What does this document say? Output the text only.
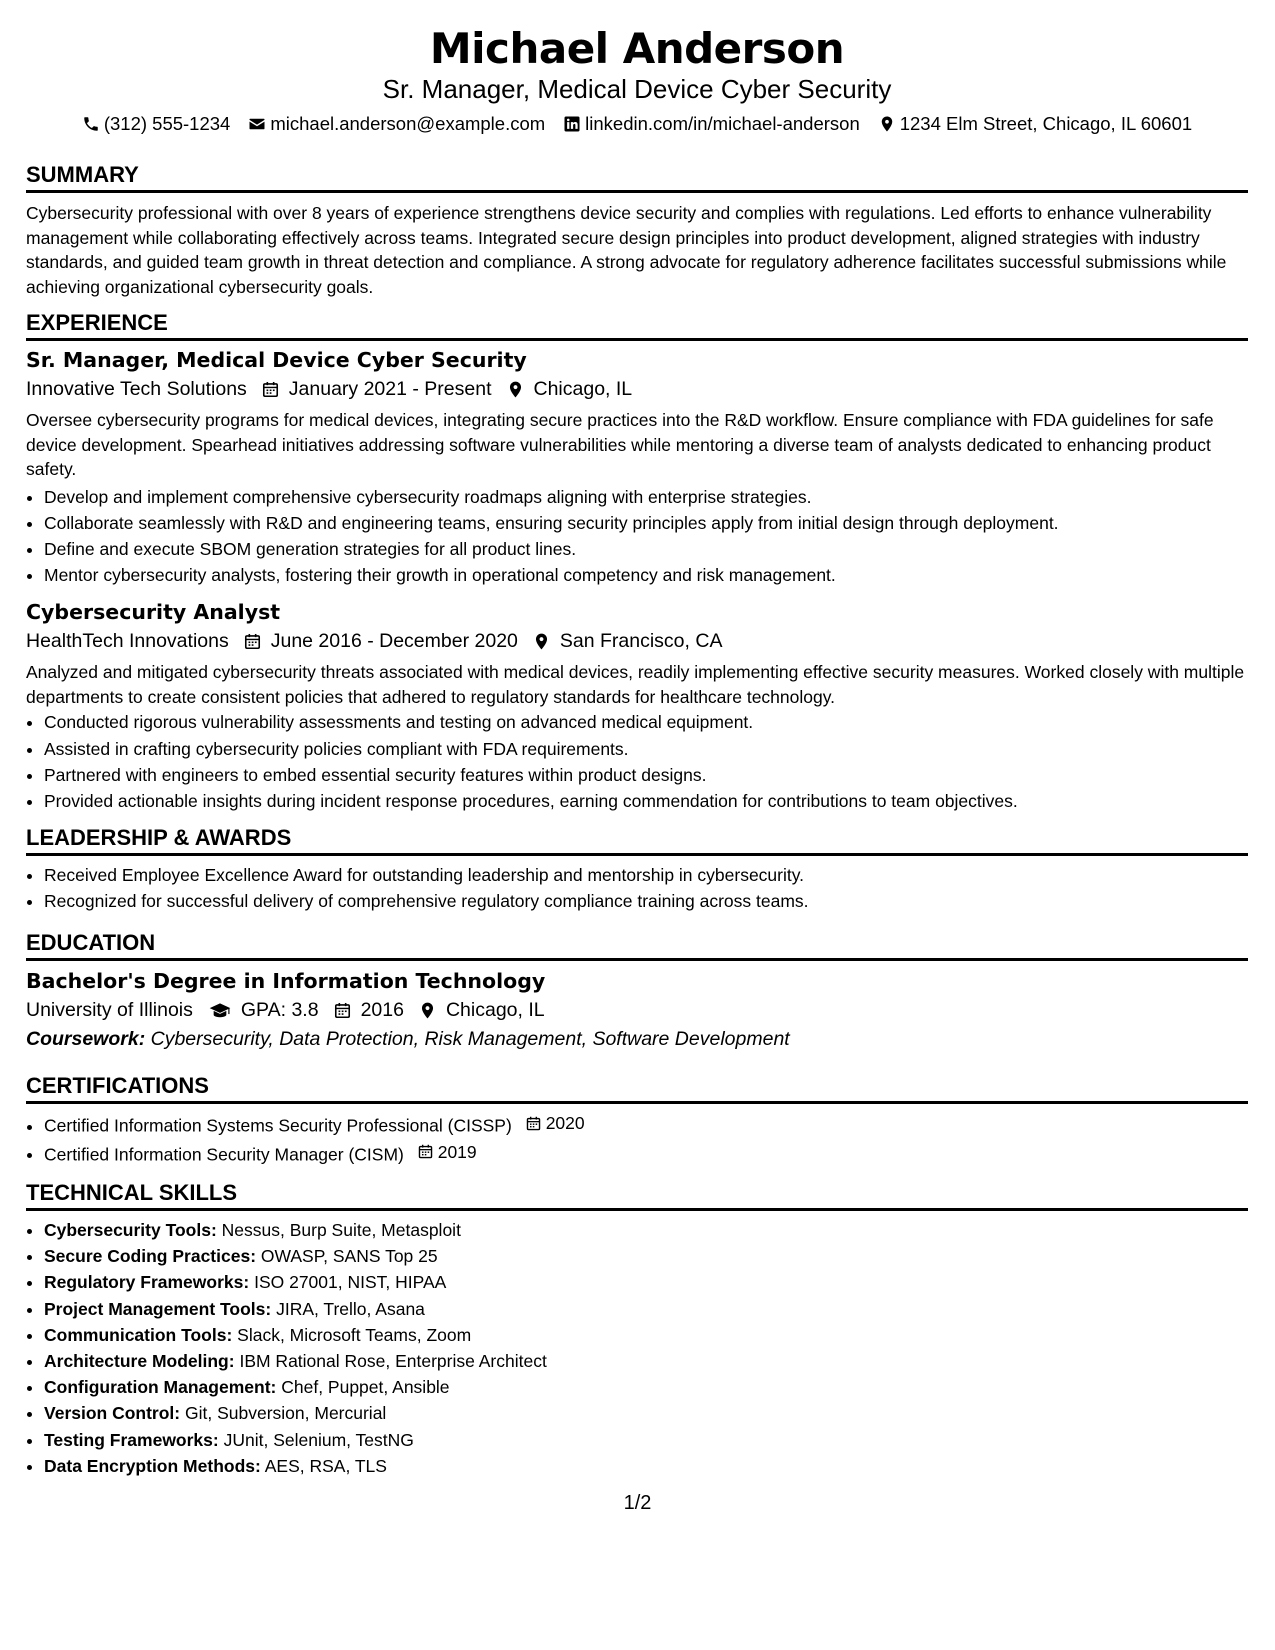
Michael Anderson
Sr. Manager, Medical Device Cyber Security
(312) 555-1234 michael.anderson@example.com linkedin.com/in/michael-anderson 1234 Elm Street, Chicago, IL 60601
SUMMARY

Cybersecurity professional with over 8 years of experience strengthens device security and complies with regulations. Led efforts to enhance vulnerability management while collaborating effectively across teams. Integrated secure design principles into product development, aligned strategies with industry standards, and guided team growth in threat detection and compliance. A strong advocate for regulatory adherence facilitates successful submissions while achieving organizational cybersecurity goals.

EXPERIENCE
Sr. Manager, Medical Device Cyber Security
Innovative Tech Solutions January 2021 - Present Chicago, IL

Oversee cybersecurity programs for medical devices, integrating secure practices into the R&D workflow. Ensure compliance with FDA guidelines for safe device development. Spearhead initiatives addressing software vulnerabilities while mentoring a diverse team of analysts dedicated to enhancing product safety.

• Develop and implement comprehensive cybersecurity roadmaps aligning with enterprise strategies.
• Collaborate seamlessly with R&D and engineering teams, ensuring security principles apply from initial design through deployment.
• Define and execute SBOM generation strategies for all product lines.
• Mentor cybersecurity analysts, fostering their growth in operational competency and risk management.
Cybersecurity Analyst
HealthTech Innovations June 2016 - December 2020 San Francisco, CA

Analyzed and mitigated cybersecurity threats associated with medical devices, readily implementing effective security measures. Worked closely with multiple departments to create consistent policies that adhered to regulatory standards for healthcare technology.

• Conducted rigorous vulnerability assessments and testing on advanced medical equipment.
• Assisted in crafting cybersecurity policies compliant with FDA requirements.
• Partnered with engineers to embed essential security features within product designs.
• Provided actionable insights during incident response procedures, earning commendation for contributions to team objectives.
LEADERSHIP & AWARDS
• Received Employee Excellence Award for outstanding leadership and mentorship in cybersecurity.
• Recognized for successful delivery of comprehensive regulatory compliance training across teams.
EDUCATION
Bachelor's Degree in Information Technology
University of Illinois GPA: 3.8 2016 Chicago, IL
Coursework: Cybersecurity, Data Protection, Risk Management, Software Development
CERTIFICATIONS
• Certified Information Systems Security Professional (CISSP) 2020
• Certified Information Security Manager (CISM) 2019
TECHNICAL SKILLS
• Cybersecurity Tools: Nessus, Burp Suite, Metasploit
• Secure Coding Practices: OWASP, SANS Top 25
• Regulatory Frameworks: ISO 27001, NIST, HIPAA
• Project Management Tools: JIRA, Trello, Asana
• Communication Tools: Slack, Microsoft Teams, Zoom
• Architecture Modeling: IBM Rational Rose, Enterprise Architect
• Configuration Management: Chef, Puppet, Ansible
• Version Control: Git, Subversion, Mercurial
• Testing Frameworks: JUnit, Selenium, TestNG
• Data Encryption Methods: AES, RSA, TLS
1/2
